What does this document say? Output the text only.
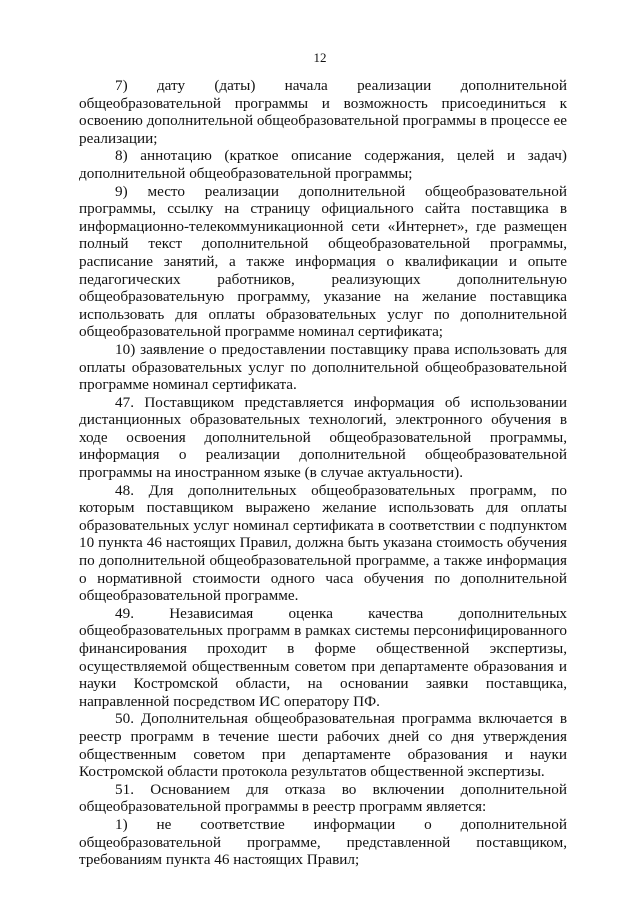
12

7) дату (даты) начала реализации дополнительной общеобразовательной программы и возможность присоединиться к освоению дополнительной общеобразовательной программы в процессе ее реализации;

8) аннотацию (краткое описание содержания, целей и задач) дополнительной общеобразовательной программы;

9) место реализации дополнительной общеобразовательной программы, ссылку на страницу официального сайта поставщика в информационно-телекоммуникационной сети «Интернет», где размещен полный текст дополнительной общеобразовательной программы, расписание занятий, а также информация о квалификации и опыте педагогических работников, реализующих дополнительную общеобразовательную программу, указание на желание поставщика использовать для оплаты образовательных услуг по дополнительной общеобразовательной программе номинал сертификата;

10) заявление о предоставлении поставщику права использовать для оплаты образовательных услуг по дополнительной общеобразовательной программе номинал сертификата.

47. Поставщиком представляется информация об использовании дистанционных образовательных технологий, электронного обучения в ходе освоения дополнительной общеобразовательной программы, информация о реализации дополнительной общеобразовательной программы на иностранном языке (в случае актуальности).

48. Для дополнительных общеобразовательных программ, по которым поставщиком выражено желание использовать для оплаты образовательных услуг номинал сертификата в соответствии с подпунктом 10 пункта 46 настоящих Правил, должна быть указана стоимость обучения по дополнительной общеобразовательной программе, а также информация о нормативной стоимости одного часа обучения по дополнительной общеобразовательной программе.

49. Независимая оценка качества дополнительных общеобразовательных программ в рамках системы персонифицированного финансирования проходит в форме общественной экспертизы, осуществляемой общественным советом при департаменте образования и науки Костромской области, на основании заявки поставщика, направленной посредством ИС оператору ПФ.

50. Дополнительная общеобразовательная программа включается в реестр программ в течение шести рабочих дней со дня утверждения общественным советом при департаменте образования и науки Костромской области протокола результатов общественной экспертизы.

51. Основанием для отказа во включении дополнительной общеобразовательной программы в реестр программ является:

1) не соответствие информации о дополнительной общеобразовательной программе, представленной поставщиком, требованиям пункта 46 настоящих Правил;
